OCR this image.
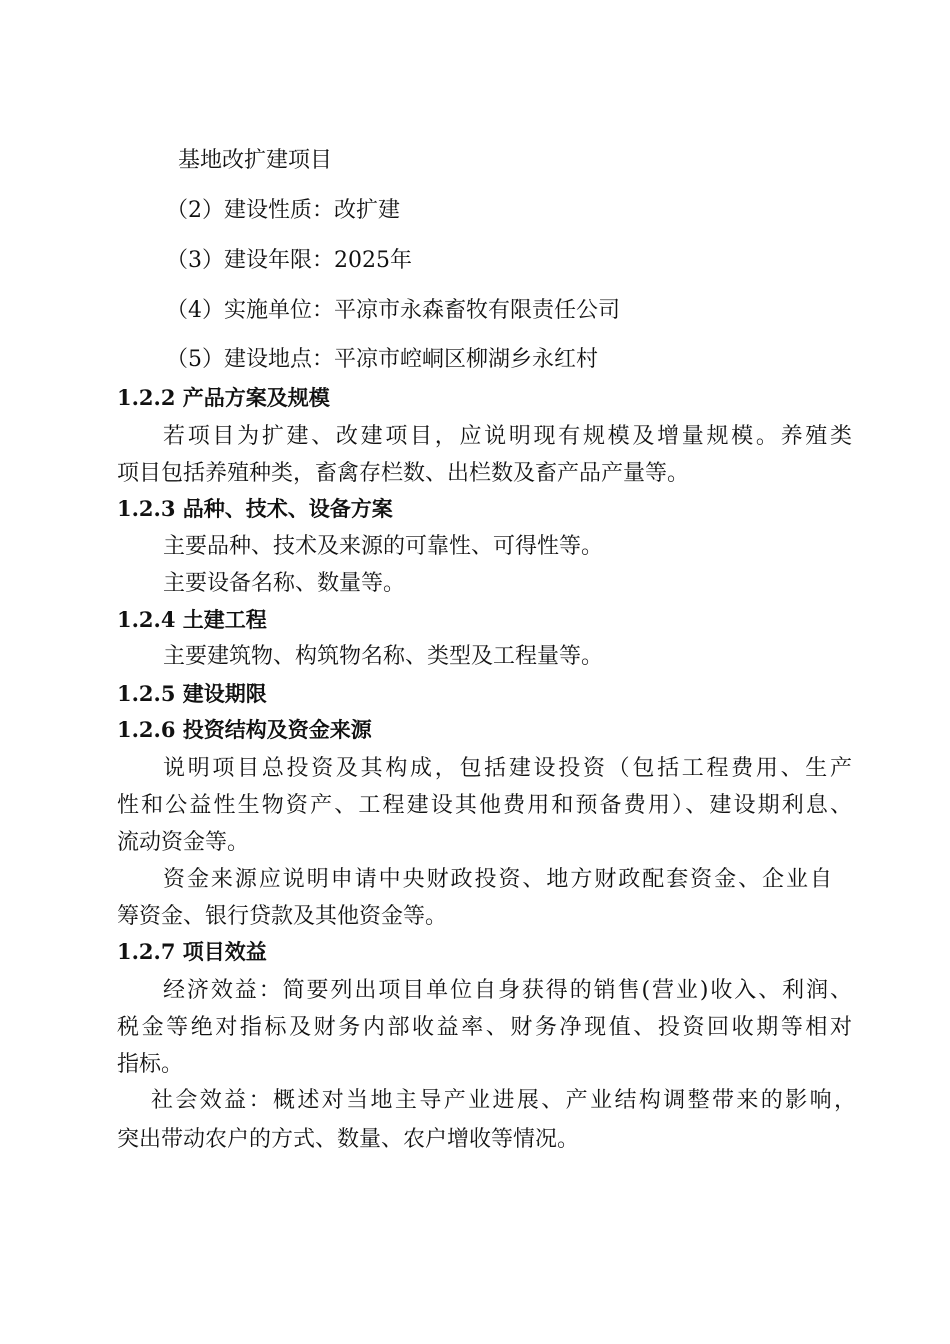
基地改扩建项目
（2）建设性质：改扩建
（3）建设年限：2025年
（4）实施单位：平凉市永森畜牧有限责任公司
（5）建设地点：平凉市崆峒区柳湖乡永红村
1.2.2 产品方案及规模
若项目为扩建、改建项目，应说明现有规模及增量规模。养殖类
项目包括养殖种类，畜禽存栏数、出栏数及畜产品产量等。
1.2.3 品种、技术、设备方案
主要品种、技术及来源的可靠性、可得性等。
主要设备名称、数量等。
1.2.4 土建工程
主要建筑物、构筑物名称、类型及工程量等。
1.2.5 建设期限
1.2.6 投资结构及资金来源
说明项目总投资及其构成，包括建设投资（包括工程费用、生产
性和公益性生物资产、工程建设其他费用和预备费用）、建设期利息、
流动资金等。
资金来源应说明申请中央财政投资、地方财政配套资金、企业自
筹资金、银行贷款及其他资金等。
1.2.7 项目效益
经济效益：简要列出项目单位自身获得的销售(营业)收入、利润、
税金等绝对指标及财务内部收益率、财务净现值、投资回收期等相对
指标。
社会效益：概述对当地主导产业进展、产业结构调整带来的影响，
突出带动农户的方式、数量、农户增收等情况。
